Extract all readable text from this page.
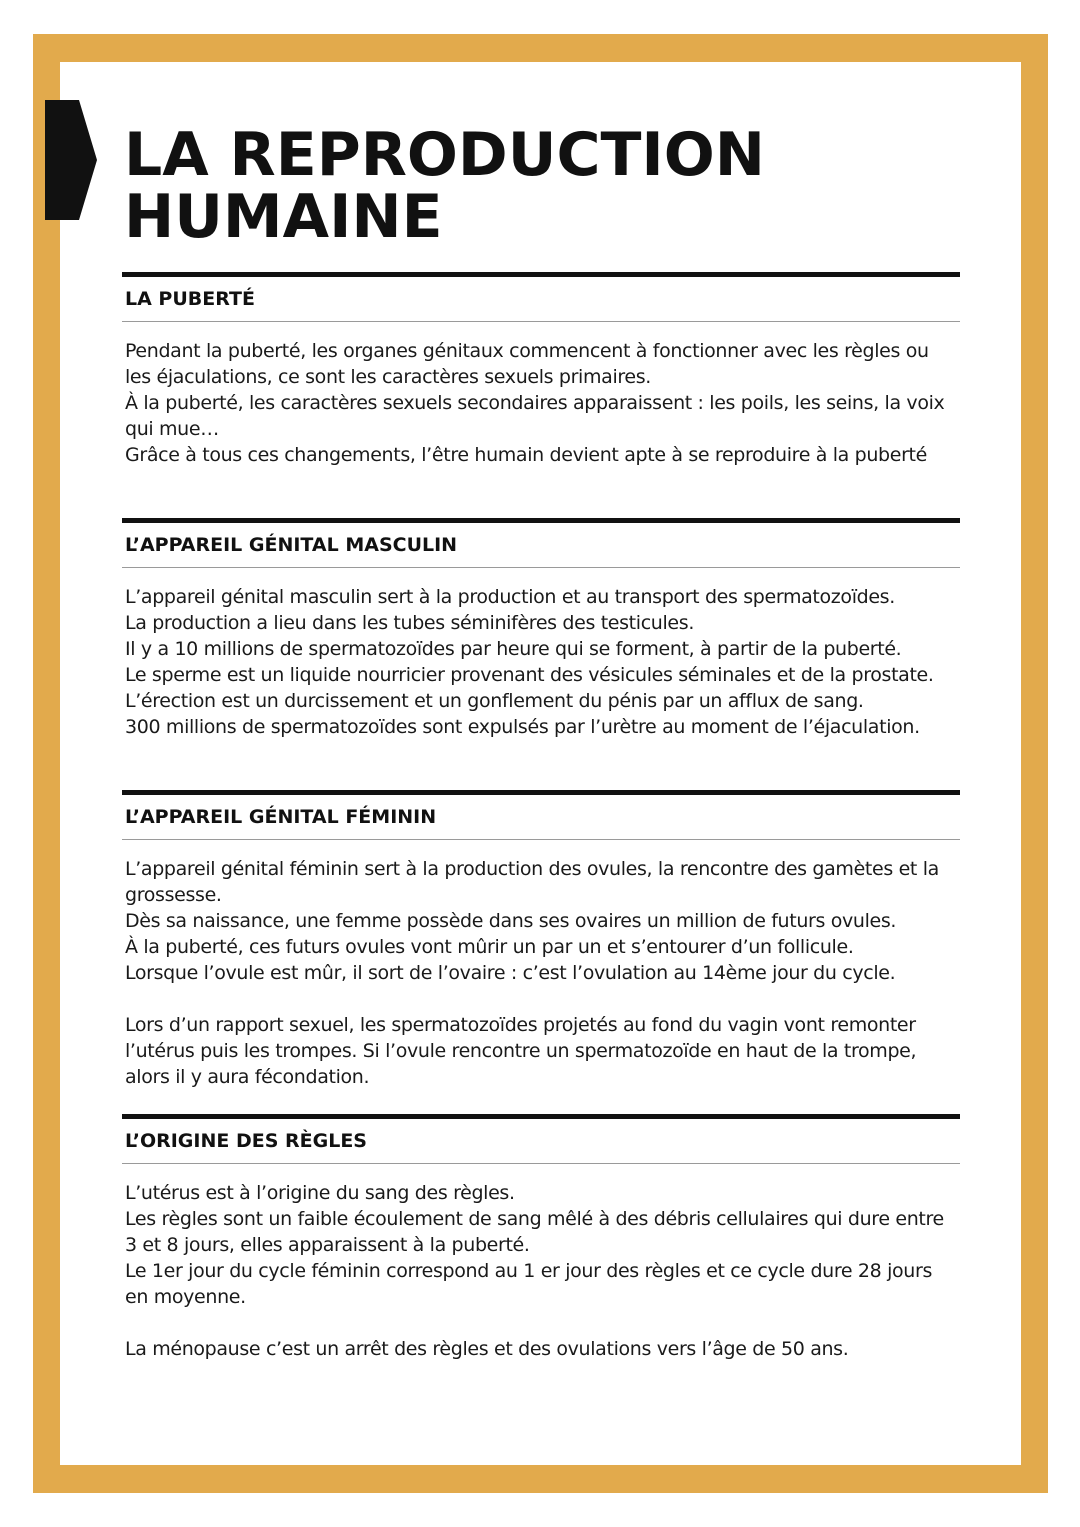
LA REPRODUCTION
HUMAINE
LA PUBERTÉ

Pendant la puberté, les organes génitaux commencent à fonctionner avec les règles ou les éjaculations, ce sont les caractères sexuels primaires.

À la puberté, les caractères sexuels secondaires apparaissent : les poils, les seins, la voix qui mue…

Grâce à tous ces changements, l’être humain devient apte à se reproduire à la puberté

L’APPAREIL GÉNITAL MASCULIN

L’appareil génital masculin sert à la production et au transport des spermatozoïdes.

La production a lieu dans les tubes séminifères des testicules.

Il y a 10 millions de spermatozoïdes par heure qui se forment, à partir de la puberté.

Le sperme est un liquide nourricier provenant des vésicules séminales et de la prostate.

L’érection est un durcissement et un gonflement du pénis par un afflux de sang.

300 millions de spermatozoïdes sont expulsés par l’urètre au moment de l’éjaculation.

L’APPAREIL GÉNITAL FÉMININ

L’appareil génital féminin sert à la production des ovules, la rencontre des gamètes et la grossesse.

Dès sa naissance, une femme possède dans ses ovaires un million de futurs ovules.

À la puberté, ces futurs ovules vont mûrir un par un et s’entourer d’un follicule.

Lorsque l’ovule est mûr, il sort de l’ovaire : c’est l’ovulation au 14ème jour du cycle.

Lors d’un rapport sexuel, les spermatozoïdes projetés au fond du vagin vont remonter l’utérus puis les trompes. Si l’ovule rencontre un spermatozoïde en haut de la trompe, alors il y aura fécondation.

L’ORIGINE DES RÈGLES

L’utérus est à l’origine du sang des règles.

Les règles sont un faible écoulement de sang mêlé à des débris cellulaires qui dure entre 3 et 8 jours, elles apparaissent à la puberté.

Le 1er jour du cycle féminin correspond au 1 er jour des règles et ce cycle dure 28 jours en moyenne.

La ménopause c’est un arrêt des règles et des ovulations vers l’âge de 50 ans.
